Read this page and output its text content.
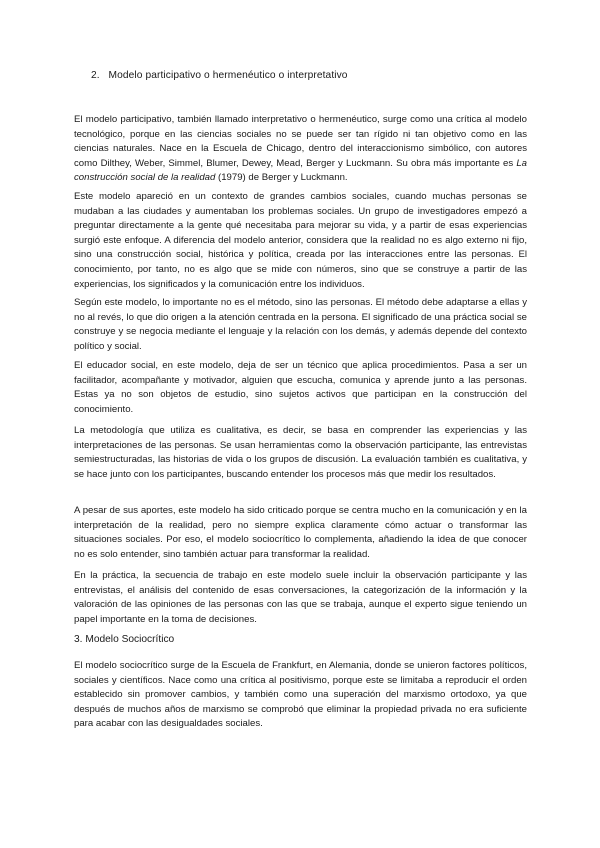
2. Modelo participativo o hermenéutico o interpretativo

El modelo participativo, también llamado interpretativo o hermenéutico, surge como una crítica al modelo tecnológico, porque en las ciencias sociales no se puede ser tan rígido ni tan objetivo como en las ciencias naturales. Nace en la Escuela de Chicago, dentro del interaccionismo simbólico, con autores como Dilthey, Weber, Simmel, Blumer, Dewey, Mead, Berger y Luckmann. Su obra más importante es La construcción social de la realidad (1979) de Berger y Luckmann.

Este modelo apareció en un contexto de grandes cambios sociales, cuando muchas personas se mudaban a las ciudades y aumentaban los problemas sociales. Un grupo de investigadores empezó a preguntar directamente a la gente qué necesitaba para mejorar su vida, y a partir de esas experiencias surgió este enfoque. A diferencia del modelo anterior, considera que la realidad no es algo externo ni fijo, sino una construcción social, histórica y política, creada por las interacciones entre las personas. El conocimiento, por tanto, no es algo que se mide con números, sino que se construye a partir de las experiencias, los significados y la comunicación entre los individuos.

Según este modelo, lo importante no es el método, sino las personas. El método debe adaptarse a ellas y no al revés, lo que dio origen a la atención centrada en la persona. El significado de una práctica social se construye y se negocia mediante el lenguaje y la relación con los demás, y además depende del contexto político y social.

El educador social, en este modelo, deja de ser un técnico que aplica procedimientos. Pasa a ser un facilitador, acompañante y motivador, alguien que escucha, comunica y aprende junto a las personas. Estas ya no son objetos de estudio, sino sujetos activos que participan en la construcción del conocimiento.

La metodología que utiliza es cualitativa, es decir, se basa en comprender las experiencias y las interpretaciones de las personas. Se usan herramientas como la observación participante, las entrevistas semiestructuradas, las historias de vida o los grupos de discusión. La evaluación también es cualitativa, y se hace junto con los participantes, buscando entender los procesos más que medir los resultados.

A pesar de sus aportes, este modelo ha sido criticado porque se centra mucho en la comunicación y en la interpretación de la realidad, pero no siempre explica claramente cómo actuar o transformar las situaciones sociales. Por eso, el modelo sociocrítico lo complementa, añadiendo la idea de que conocer no es solo entender, sino también actuar para transformar la realidad.

En la práctica, la secuencia de trabajo en este modelo suele incluir la observación participante y las entrevistas, el análisis del contenido de esas conversaciones, la categorización de la información y la valoración de las opiniones de las personas con las que se trabaja, aunque el experto sigue teniendo un papel importante en la toma de decisiones.

3. Modelo Sociocrítico

El modelo sociocrítico surge de la Escuela de Frankfurt, en Alemania, donde se unieron factores políticos, sociales y científicos. Nace como una crítica al positivismo, porque este se limitaba a reproducir el orden establecido sin promover cambios, y también como una superación del marxismo ortodoxo, ya que después de muchos años de marxismo se comprobó que eliminar la propiedad privada no era suficiente para acabar con las desigualdades sociales.
